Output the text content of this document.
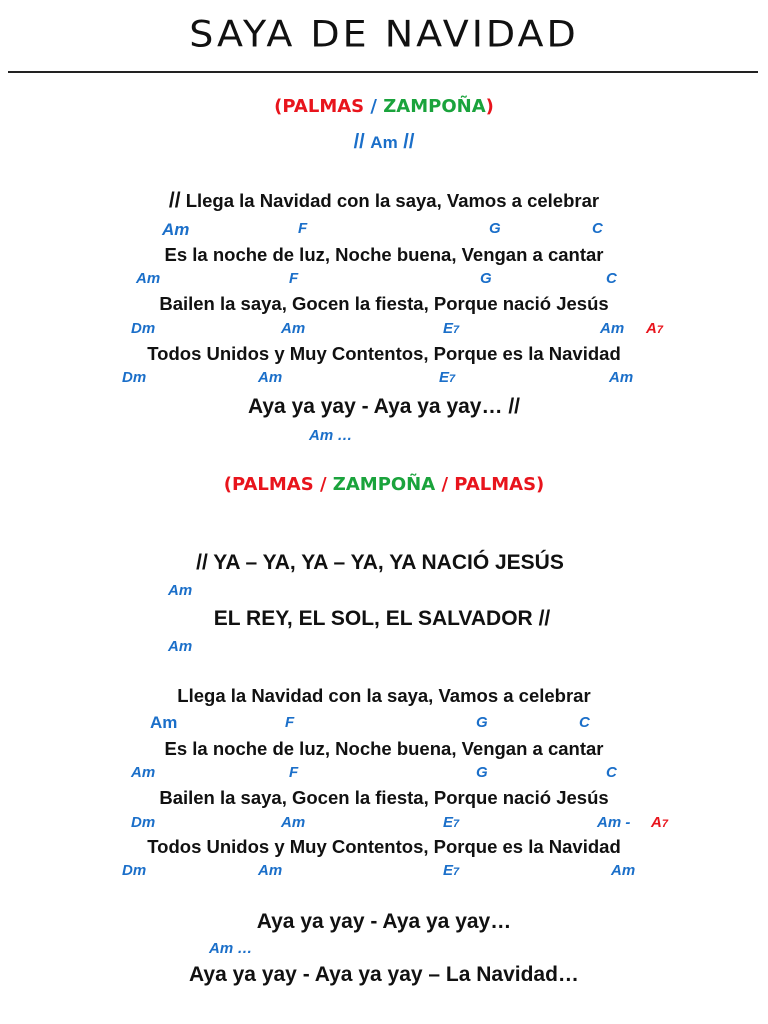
SAYA DE NAVIDAD
(PALMAS / ZAMPOÑA)
// Am //
// Llega la Navidad con la saya, Vamos a celebrar
Am	F	G	C
Es la noche de luz, Noche buena, Vengan a cantar
Am	F	G	C
Bailen la saya, Gocen la fiesta, Porque nació Jesús
Dm	Am	E7	Am A7
Todos Unidos y Muy Contentos, Porque es la Navidad
Dm	Am	E7	Am
Aya ya yay - Aya ya yay… //
Am …
(PALMAS / ZAMPOÑA / PALMAS)
// YA – YA, YA – YA, YA NACIÓ JESÚS
Am
EL REY, EL SOL, EL SALVADOR //
Am
Llega la Navidad con la saya, Vamos a celebrar
Am	F	G	C
Es la noche de luz, Noche buena, Vengan a cantar
Am	F	G	C
Bailen la saya, Gocen la fiesta, Porque nació Jesús
Dm	Am	E7	Am - A7
Todos Unidos y Muy Contentos, Porque es la Navidad
Dm	Am	E7	Am
Aya ya yay - Aya ya yay…
Am …
Aya ya yay - Aya ya yay – La Navidad…
